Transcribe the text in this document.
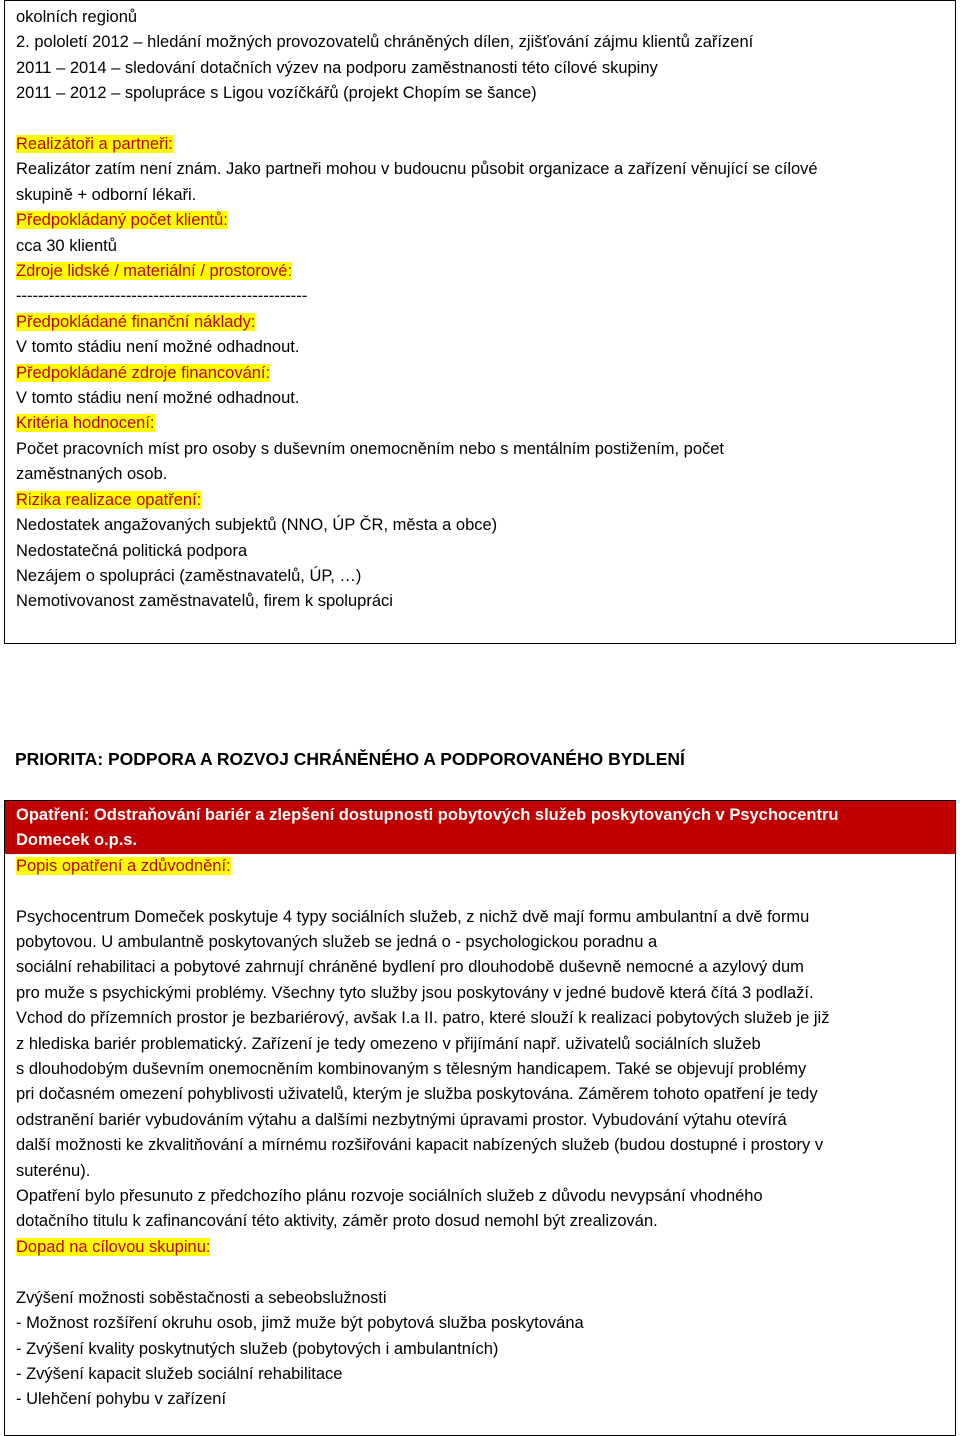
okolních regionů
2. pololetí 2012 – hledání možných provozovatelů chráněných dílen, zjišťování zájmu klientů zařízení
2011 – 2014 – sledování dotačních výzev na podporu zaměstnanosti této cílové skupiny
2011 – 2012 – spolupráce s Ligou vozíčkářů (projekt Chopím se šance)
Realizátoři a partneři:
Realizátor zatím není znám. Jako partneři mohou v budoucnu působit organizace a zařízení věnující se cílové
skupině + odborní lékaři.
Předpokládaný počet klientů:
cca 30 klientů
Zdroje lidské / materiální / prostorové:
-----------------------------------------------------
Předpokládané finanční náklady:
V tomto stádiu není možné odhadnout.
Předpokládané zdroje financování:
V tomto stádiu není možné odhadnout.
Kritéria hodnocení:
Počet pracovních míst pro osoby s duševním onemocněním nebo s mentálním postižením, počet
zaměstnaných osob.
Rizika realizace opatření:
Nedostatek angažovaných subjektů (NNO, ÚP ČR, města a obce)
Nedostatečná politická podpora
Nezájem o spolupráci (zaměstnavatelů, ÚP, …)
Nemotivovanost zaměstnavatelů, firem k spolupráci
PRIORITA: PODPORA A ROZVOJ CHRÁNĚNÉHO A PODPOROVANÉHO BYDLENÍ
Opatření: Odstraňování bariér a zlepšení dostupnosti pobytových služeb poskytovaných v Psychocentru
Domecek o.p.s.
Popis opatření a zdůvodnění:
Psychocentrum Domeček poskytuje 4 typy sociálních služeb, z nichž dvě mají formu ambulantní a dvě formu
pobytovou. U ambulantně poskytovaných služeb se jedná o - psychologickou poradnu a
sociální rehabilitaci a pobytové zahrnují chráněné bydlení pro dlouhodobě duševně nemocné a azylový dum
pro muže s psychickými problémy. Všechny tyto služby jsou poskytovány v jedné budově která čítá 3 podlaží.
Vchod do přízemních prostor je bezbariérový, avšak I.a II. patro, které slouží k realizaci pobytových služeb je již
z hlediska bariér problematický. Zařízení je tedy omezeno v přijímání např. uživatelů sociálních služeb
s dlouhodobým duševním onemocněním kombinovaným s tělesným handicapem. Také se objevují problémy
pri dočasném omezení pohyblivosti uživatelů, kterým je služba poskytována. Záměrem tohoto opatření je tedy
odstranění bariér vybudováním výtahu a dalšími nezbytnými úpravami prostor. Vybudování výtahu otevírá
další možnosti ke zkvalitňování a mírnému rozšiřováni kapacit nabízených služeb (budou dostupné i prostory v
suterénu).
Opatření bylo přesunuto z předchozího plánu rozvoje sociálních služeb z důvodu nevypsání vhodného
dotačního titulu k zafinancování této aktivity, záměr proto dosud nemohl být zrealizován.
Dopad na cílovou skupinu:
Zvýšení možnosti soběstačnosti a sebeobslužnosti
- Možnost rozšíření okruhu osob, jimž muže být pobytová služba poskytována
- Zvýšení kvality poskytnutých služeb (pobytových i ambulantních)
- Zvýšení kapacit služeb sociální rehabilitace
- Ulehčení pohybu v zařízení
